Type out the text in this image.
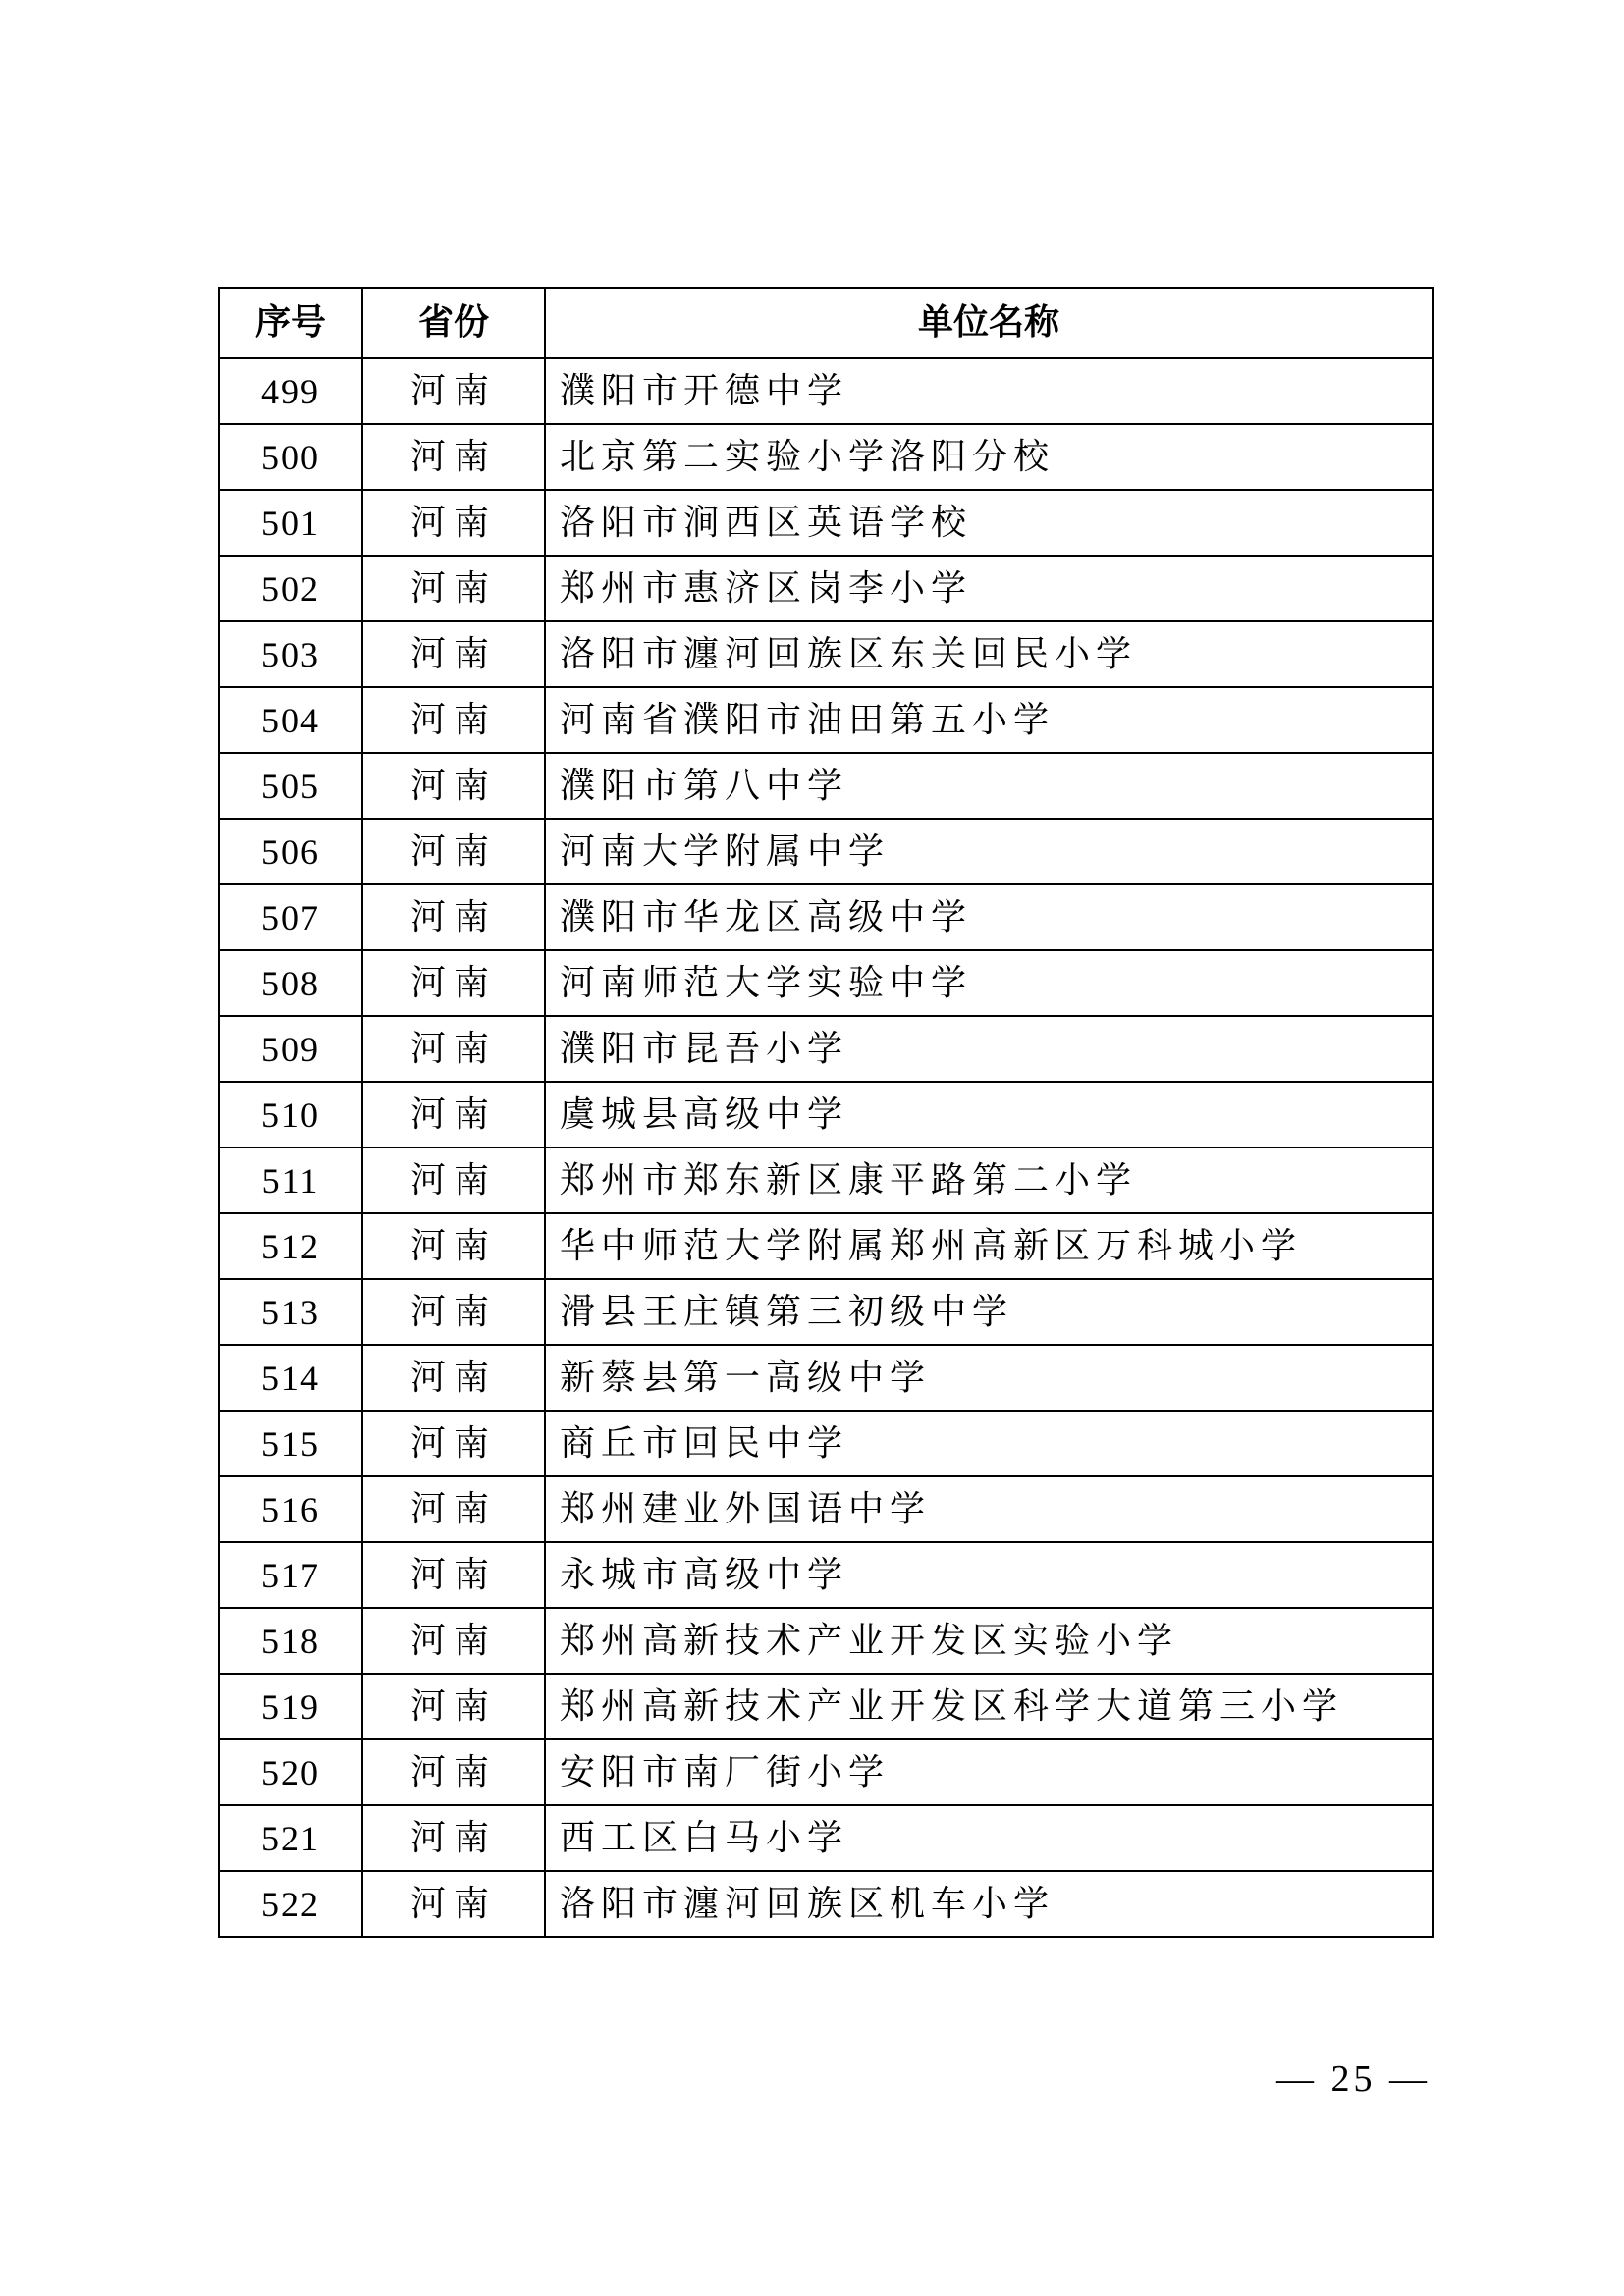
序号	省份	单位名称
499	河南	濮阳市开德中学
500	河南	北京第二实验小学洛阳分校
501	河南	洛阳市涧西区英语学校
502	河南	郑州市惠济区岗李小学
503	河南	洛阳市瀍河回族区东关回民小学
504	河南	河南省濮阳市油田第五小学
505	河南	濮阳市第八中学
506	河南	河南大学附属中学
507	河南	濮阳市华龙区高级中学
508	河南	河南师范大学实验中学
509	河南	濮阳市昆吾小学
510	河南	虞城县高级中学
511	河南	郑州市郑东新区康平路第二小学
512	河南	华中师范大学附属郑州高新区万科城小学
513	河南	滑县王庄镇第三初级中学
514	河南	新蔡县第一高级中学
515	河南	商丘市回民中学
516	河南	郑州建业外国语中学
517	河南	永城市高级中学
518	河南	郑州高新技术产业开发区实验小学
519	河南	郑州高新技术产业开发区科学大道第三小学
520	河南	安阳市南厂街小学
521	河南	西工区白马小学
522	河南	洛阳市瀍河回族区机车小学
— 25 —
